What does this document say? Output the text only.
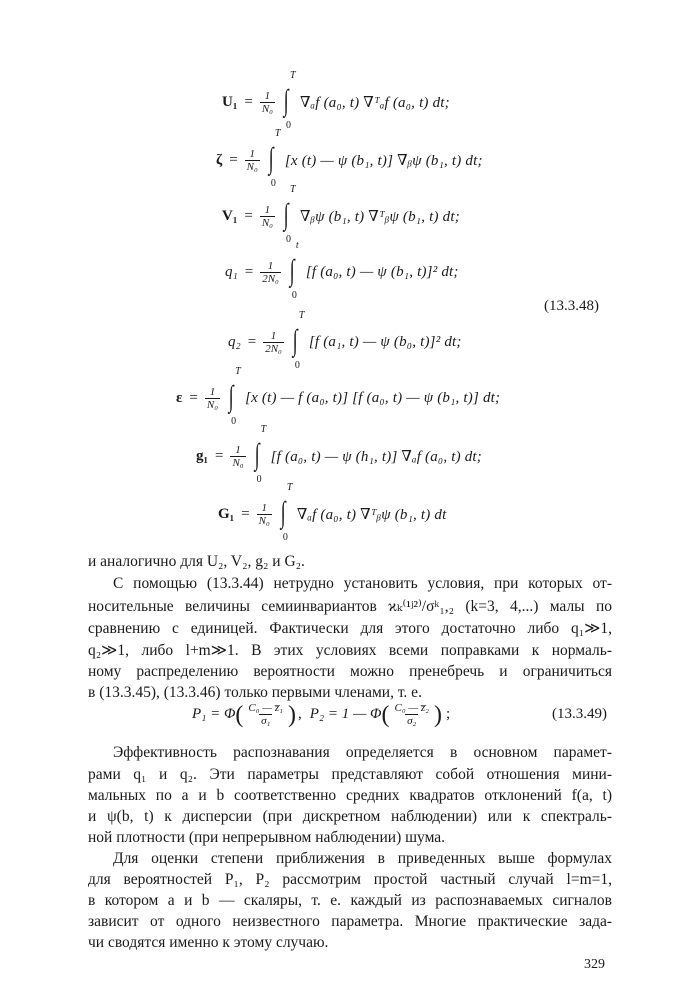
$U_1 = \frac{1}{\text{N₀}}$ ∫
T
0
∇ₐf (a₀, t) ∇ᵀₐf (a₀, t) dt;
$\zeta = \frac{1}{\text{N₀}}$ ∫
T
0
[x (t) — ψ (b₁, t)] ∇ᵦψ (b₁, t) dt;
$V_1 = \frac{1}{\text{N₀}}$ ∫
T
0
∇ᵦψ (b₁, t) ∇ᵀᵦψ (b₁, t) dt;
$q_1 = \frac{1}{\text{2N₀}}$ ∫
t
0
[f (a₀, t) — ψ (b₁, t)]² dt;
$q_2 = \frac{1}{\text{2N₀}}$ ∫
T
0
[f (a₁, t) — ψ (b₀, t)]² dt;
$\varepsilon = \frac{1}{\text{N₀}}$ ∫
T
0
[x (t) — f (a₀, t)] [f (a₀, t) — ψ (b₁, t)] dt;
$g_1 = \frac{1}{\text{N₀}}$ ∫
T
0
[f (a₀, t) — ψ (h₁, t)] ∇ₐf (a₀, t) dt;
$G_1 = \frac{1}{\text{N₀}}$ ∫
T
0
∇ₐf (a₀, t) ∇ᵀᵦψ (b₁, t) dt
(13.3.48)
и аналогично для U₂, V₂, g₂ и G₂.
С помощью (13.3.44) нетрудно установить условия, при которых от-
носительные величины семиинвариантов ϰₖ⁽¹ʲ²⁾/σᵏ₁,₂ (k=3, 4,...) малы по
сравнению с единицей. Фактически для этого достаточно либо q₁≫1,
q₂≫1, либо l+m≫1. В этих условиях всеми поправками к нормаль-
ному распределению вероятности можно пренебречь и ограничиться
в (13.3.45), (13.3.46) только первыми членами, т. е.
P₁ = Φ ( $\frac{\text{C₀ — z̅₁}}{\text{σ₁}}$ ) , P₂ = 1 — Φ ( $\frac{\text{C₀ — z̅₂}}{\text{σ₂}}$ ) ;	(13.3.49)
Эффективность распознавания определяется в основном парамет-
рами q₁ и q₂. Эти параметры представляют собой отношения мини-
мальных по a и b соответственно средних квадратов отклонений f(a, t)
и ψ(b, t) к дисперсии (при дискретном наблюдении) или к спектраль-
ной плотности (при непрерывном наблюдении) шума.
Для оценки степени приближения в приведенных выше формулах
для вероятностей P₁, P₂ рассмотрим простой частный случай l=m=1,
в котором a и b — скаляры, т. е. каждый из распознаваемых сигналов
зависит от одного неизвестного параметра. Многие практические зада-
чи сводятся именно к этому случаю.
329
